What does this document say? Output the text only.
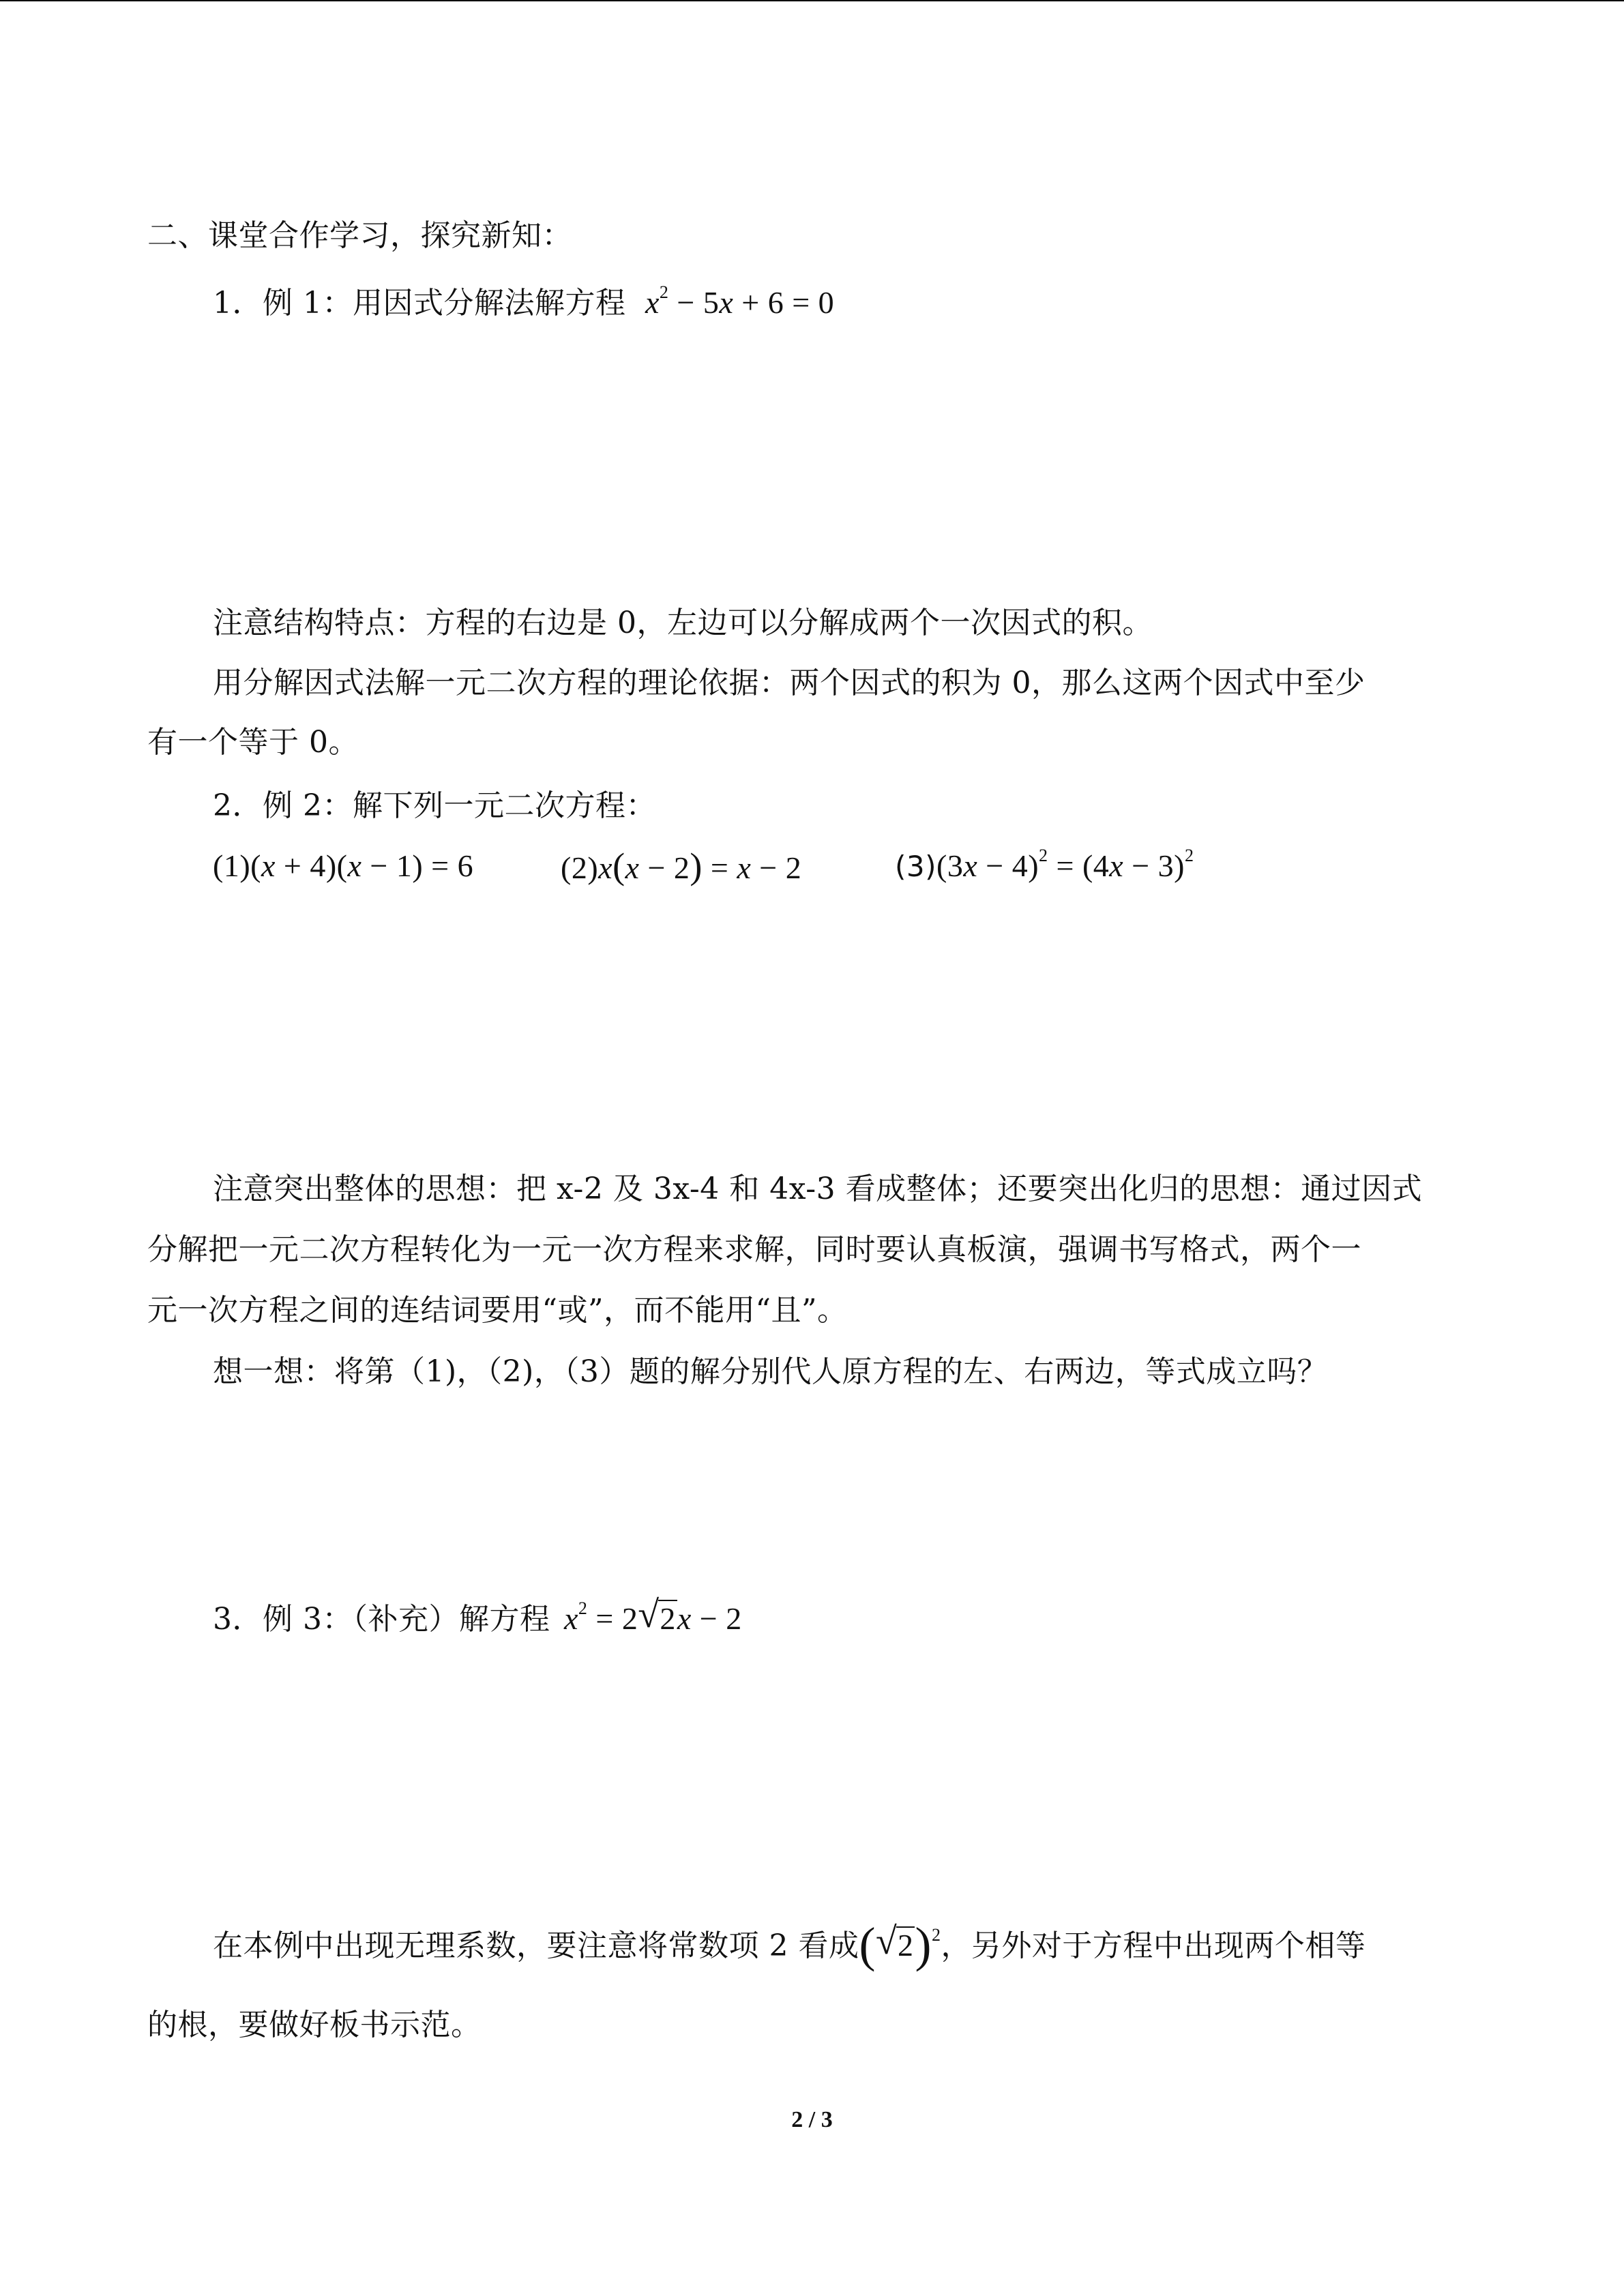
二、课堂合作学习，探究新知：
1．例 1：用因式分解法解方程 $x^2 - 5x + 6 = 0$
注意结构特点：方程的右边是 0，左边可以分解成两个一次因式的积。
用分解因式法解一元二次方程的理论依据：两个因式的积为 0，那么这两个因式中至少
有一个等于 0。
2．例 2：解下列一元二次方程：
(1)(x + 4)(x − 1) = 6	(2)x(x − 2) = x − 2	$(3)(3x - 4)^2 = (4x - 3)^2$
注意突出整体的思想：把 x-2 及 3x-4 和 4x-3 看成整体；还要突出化归的思想：通过因式
分解把一元二次方程转化为一元一次方程来求解，同时要认真板演，强调书写格式，两个一
元一次方程之间的连结词要用“或”，而不能用“且”。
想一想：将第（1)，（2)，（3）题的解分别代人原方程的左、右两边，等式成立吗？
3．例 3：（补充）解方程 $x^2 = 2$ √ 2x − 2
在本例中出现无理系数，要注意将常数项 2 看成( √ 2)$^2$，另外对于方程中出现两个相等
的根，要做好板书示范。
2 / 3
